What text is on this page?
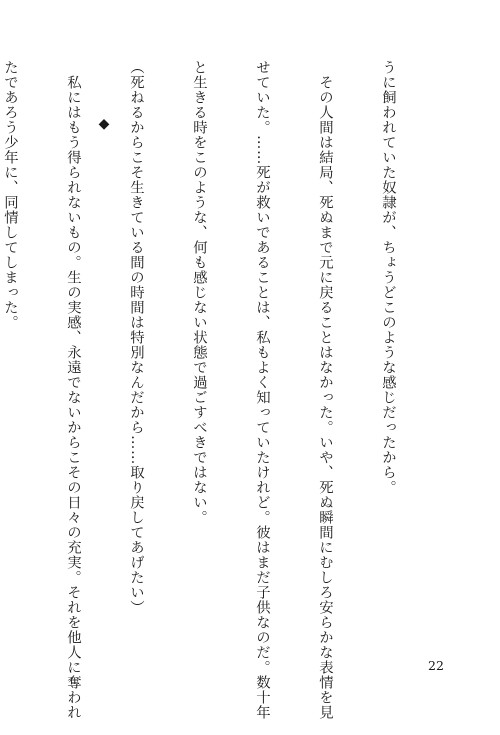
うに飼われていた奴隷が、ちょうどこのような感じだったから。

　その人間は結局、死ぬまで元に戻ることはなかった。いや、死ぬ瞬間にむしろ安らかな表情を見

せていた。……死が救いであることは、私もよく知っていたけれど。彼はまだ子供なのだ。数十年

と生きる時をこのような、何も感じない状態で過ごすべきではない。

（死ねるからこそ生きている間の時間は特別なんだから……取り戻してあげたい）

　私にはもう得られないもの。生の実感、永遠でないからこその日々の充実。それを他人に奪われ

たであろう少年に、同情してしまった。

	◆
22
